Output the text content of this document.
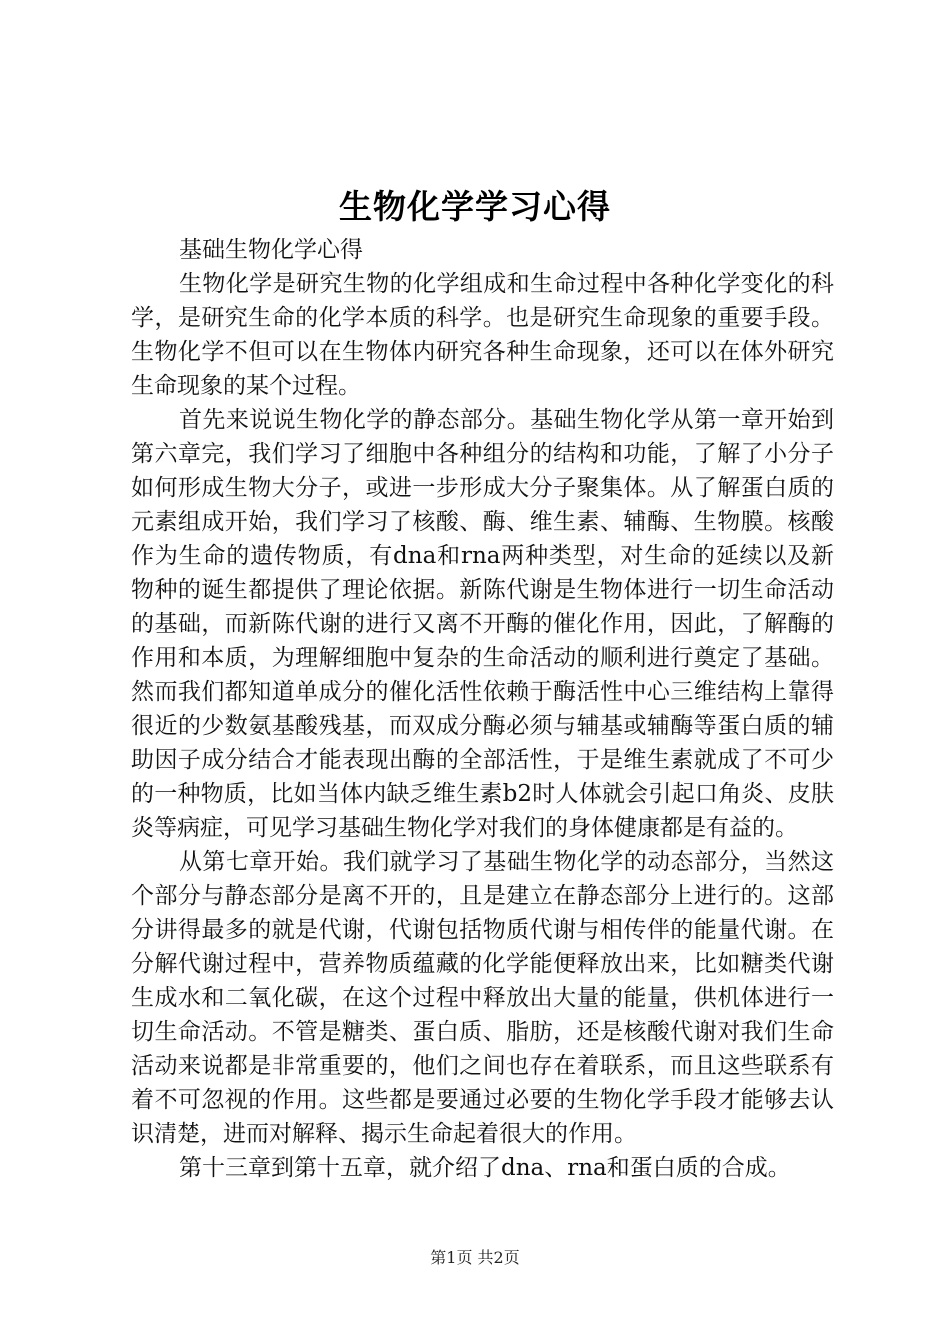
生物化学学习心得

基础生物化学心得

生物化学是研究生物的化学组成和生命过程中各种化学变化的科学，是研究生命的化学本质的科学。也是研究生命现象的重要手段。生物化学不但可以在生物体内研究各种生命现象，还可以在体外研究生命现象的某个过程。

首先来说说生物化学的静态部分。基础生物化学从第一章开始到第六章完，我们学习了细胞中各种组分的结构和功能，了解了小分子如何形成生物大分子，或进一步形成大分子聚集体。从了解蛋白质的元素组成开始，我们学习了核酸、酶、维生素、辅酶、生物膜。核酸作为生命的遗传物质，有dna和rna两种类型，对生命的延续以及新物种的诞生都提供了理论依据。新陈代谢是生物体进行一切生命活动的基础，而新陈代谢的进行又离不开酶的催化作用，因此，了解酶的作用和本质，为理解细胞中复杂的生命活动的顺利进行奠定了基础。然而我们都知道单成分的催化活性依赖于酶活性中心三维结构上靠得很近的少数氨基酸残基，而双成分酶必须与辅基或辅酶等蛋白质的辅助因子成分结合才能表现出酶的全部活性，于是维生素就成了不可少的一种物质，比如当体内缺乏维生素b2时人体就会引起口角炎、皮肤炎等病症，可见学习基础生物化学对我们的身体健康都是有益的。

从第七章开始。我们就学习了基础生物化学的动态部分，当然这个部分与静态部分是离不开的，且是建立在静态部分上进行的。这部分讲得最多的就是代谢，代谢包括物质代谢与相传伴的能量代谢。在分解代谢过程中，营养物质蕴藏的化学能便释放出来，比如糖类代谢生成水和二氧化碳，在这个过程中释放出大量的能量，供机体进行一切生命活动。不管是糖类、蛋白质、脂肪，还是核酸代谢对我们生命活动来说都是非常重要的，他们之间也存在着联系，而且这些联系有着不可忽视的作用。这些都是要通过必要的生物化学手段才能够去认识清楚，进而对解释、揭示生命起着很大的作用。

第十三章到第十五章，就介绍了dna、rna和蛋白质的合成。

第1页 共2页
